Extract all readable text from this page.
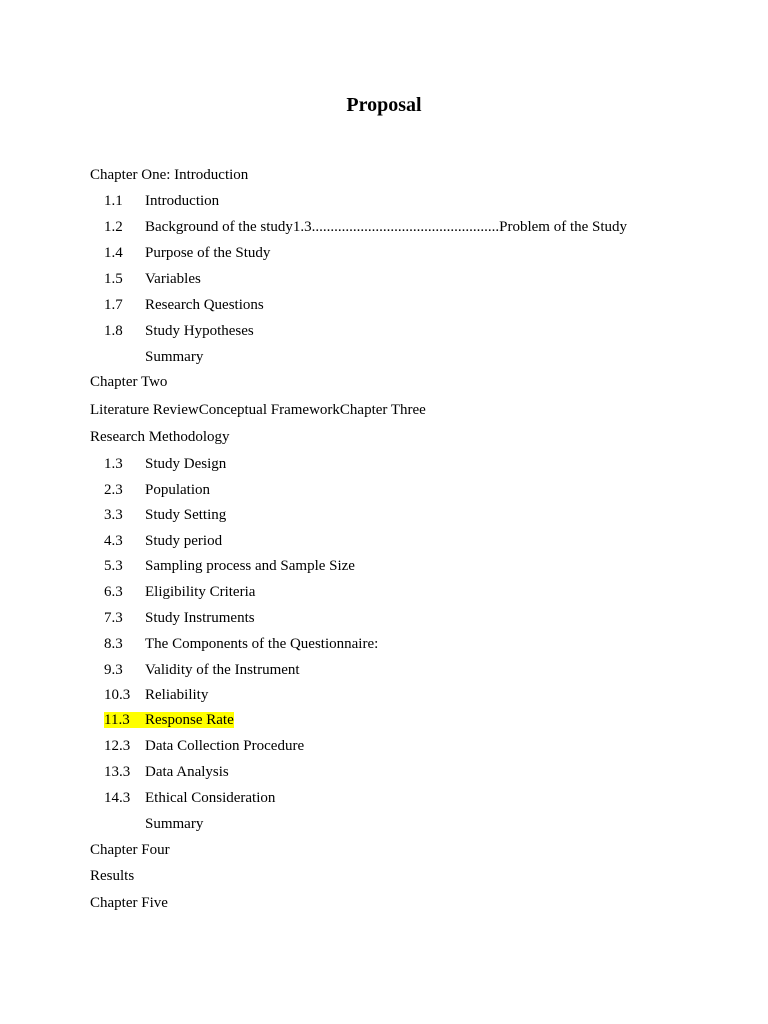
Proposal
Chapter One: Introduction
1.1 Introduction
1.2 Background of the study1.3..................................................Problem of the Study
1.4 Purpose of the Study
1.5 Variables
1.7 Research Questions
1.8 Study Hypotheses
Summary
Chapter Two
Literature ReviewConceptual FrameworkChapter Three
Research Methodology
1.3 Study Design
2.3 Population
3.3 Study Setting
4.3 Study period
5.3 Sampling process and Sample Size
6.3 Eligibility Criteria
7.3 Study Instruments
8.3 The Components of the Questionnaire:
9.3 Validity of the Instrument
10.3 Reliability
11.3 Response Rate
12.3 Data Collection Procedure
13.3 Data Analysis
14.3 Ethical Consideration
Summary
Chapter Four
Results
Chapter Five
